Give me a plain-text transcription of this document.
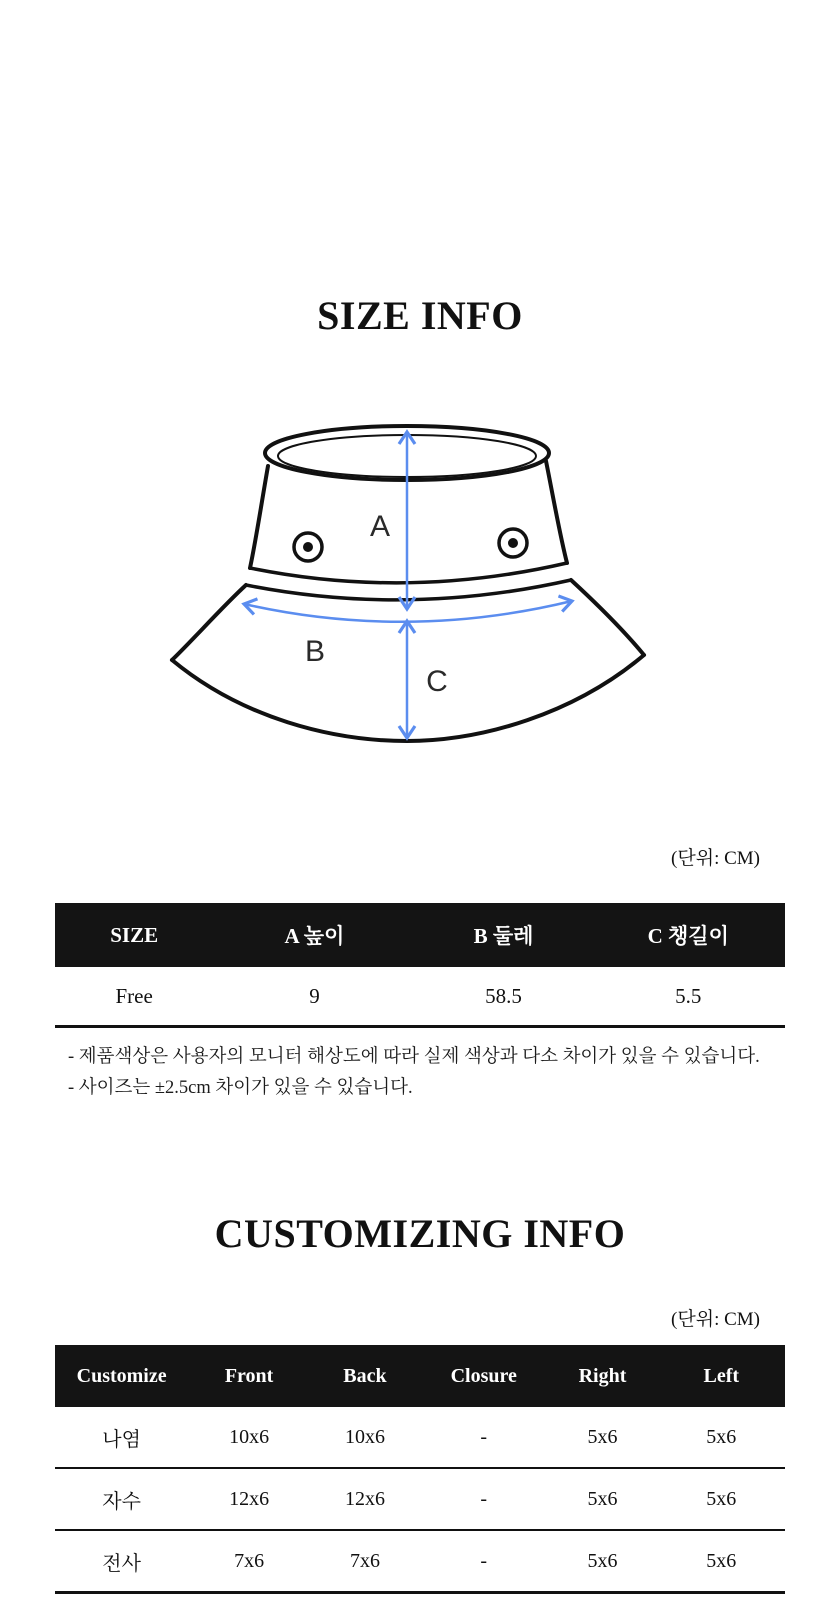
SIZE INFO
A
B
C
(단위: CM)
SIZE	A 높이	B 둘레	C 챙길이
Free	9	58.5	5.5
- 제품색상은 사용자의 모니터 해상도에 따라 실제 색상과 다소 차이가 있을 수 있습니다.
- 사이즈는 ±2.5cm 차이가 있을 수 있습니다.
CUSTOMIZING INFO
(단위: CM)
Customize	Front	Back	Closure	Right	Left
나염	10x6	10x6	-	5x6	5x6
자수	12x6	12x6	-	5x6	5x6
전사	7x6	7x6	-	5x6	5x6
